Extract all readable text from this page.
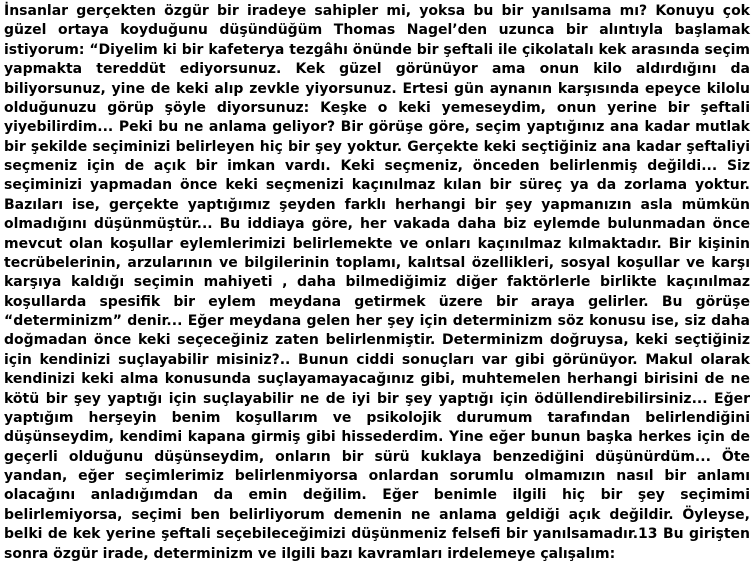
İnsanlar gerçekten özgür bir iradeye sahipler mi, yoksa bu bir yanılsama mı? Konuyu çok güzel ortaya koyduğunu düşündüğüm Thomas Nagel’den uzunca bir alıntıyla başlamak istiyorum: “Diyelim ki bir kafeterya tezgâhı önünde bir şeftali ile çikolatalı kek arasında seçim yapmakta tereddüt ediyorsunuz. Kek güzel görünüyor ama onun kilo aldırdığını da biliyorsunuz, yine de keki alıp zevkle yiyorsunuz. Ertesi gün aynanın karşısında epeyce kilolu olduğunuzu görüp şöyle diyorsunuz: Keşke o keki yemeseydim, onun yerine bir şeftali yiyebilirdim... Peki bu ne anlama geliyor? Bir görüşe göre, seçim yaptığınız ana kadar mutlak bir şekilde seçiminizi belirleyen hiç bir şey yoktur. Gerçekte keki seçtiğiniz ana kadar şeftaliyi seçmeniz için de açık bir imkan vardı. Keki seçmeniz, önceden belirlenmiş değildi... Siz seçiminizi yapmadan önce keki seçmenizi kaçınılmaz kılan bir süreç ya da zorlama yoktur. Bazıları ise, gerçekte yaptığımız şeyden farklı herhangi bir şey yapmanızın asla mümkün olmadığını düşünmüştür... Bu iddiaya göre, her vakada daha biz eylemde bulunmadan önce mevcut olan koşullar eylemlerimizi belirlemekte ve onları kaçınılmaz kılmaktadır. Bir kişinin tecrübelerinin, arzularının ve bilgilerinin toplamı, kalıtsal özellikleri, sosyal koşullar ve karşı karşıya kaldığı seçimin mahiyeti , daha bilmediğimiz diğer faktörlerle birlikte kaçınılmaz koşullarda spesifik bir eylem meydana getirmek üzere bir araya gelirler. Bu görüşe “determinizm” denir... Eğer meydana gelen her şey için determinizm söz konusu ise, siz daha doğmadan önce keki seçeceğiniz zaten belirlenmiştir. Determinizm doğruysa, keki seçtiğiniz için kendinizi suçlayabilir misiniz?.. Bunun ciddi sonuçları var gibi görünüyor. Makul olarak kendinizi keki alma konusunda suçlayamayacağınız gibi, muhtemelen herhangi birisini de ne kötü bir şey yaptığı için suçlayabilir ne de iyi bir şey yaptığı için ödüllendirebilirsiniz... Eğer yaptığım herşeyin benim koşullarım ve psikolojik durumum tarafından belirlendiğini düşünseydim, kendimi kapana girmiş gibi hissederdim. Yine eğer bunun başka herkes için de geçerli olduğunu düşünseydim, onların bir sürü kuklaya benzediğini düşünürdüm... Öte yandan, eğer seçimlerimiz belirlenmiyorsa onlardan sorumlu olmamızın nasıl bir anlamı olacağını anladığımdan da emin değilim. Eğer benimle ilgili hiç bir şey seçimimi belirlemiyorsa, seçimi ben belirliyorum demenin ne anlama geldiği açık değildir. Öyleyse, belki de kek yerine şeftali seçebileceğimizi düşünmeniz felsefi bir yanılsamadır.13 Bu girişten sonra özgür irade, determinizm ve ilgili bazı kavramları irdelemeye çalışalım:
